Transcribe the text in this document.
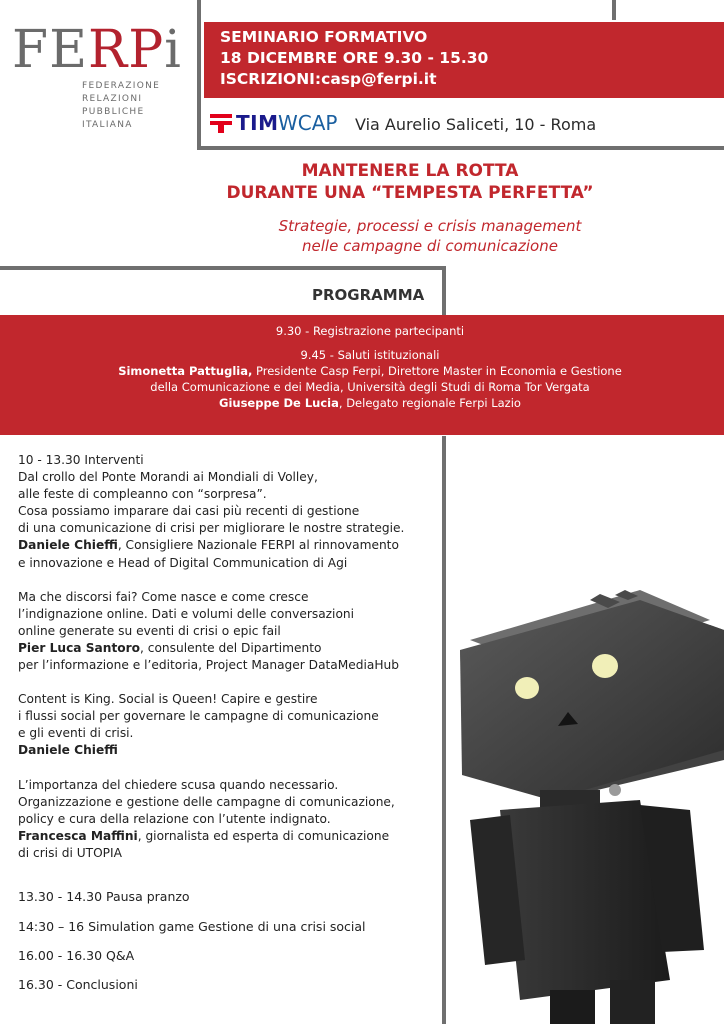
FERPi
FEDERAZIONE
RELAZIONI
PUBBLICHE
ITALIANA
SEMINARIO FORMATIVO
18 DICEMBRE ORE 9.30 - 15.30
ISCRIZIONI:casp@ferpi.it
TIM WCAP Via Aurelio Saliceti, 10 - Roma
MANTENERE LA ROTTA
DURANTE UNA “TEMPESTA PERFETTA”
Strategie, processi e crisis management
nelle campagne di comunicazione
PROGRAMMA
9.30 - Registrazione partecipanti
9.45 - Saluti istituzionali
Simonetta Pattuglia, Presidente Casp Ferpi, Direttore Master in Economia e Gestione
della Comunicazione e dei Media, Università degli Studi di Roma Tor Vergata
Giuseppe De Lucia, Delegato regionale Ferpi Lazio
10 - 13.30 Interventi
Dal crollo del Ponte Morandi ai Mondiali di Volley,
alle feste di compleanno con “sorpresa”.
Cosa possiamo imparare dai casi più recenti di gestione
di una comunicazione di crisi per migliorare le nostre strategie.
Daniele Chieffi, Consigliere Nazionale FERPI al rinnovamento
e innovazione e Head of Digital Communication di Agi
Ma che discorsi fai? Come nasce e come cresce
l’indignazione online. Dati e volumi delle conversazioni
online generate su eventi di crisi o epic fail
Pier Luca Santoro, consulente del Dipartimento
per l’informazione e l’editoria, Project Manager DataMediaHub
Content is King. Social is Queen! Capire e gestire
i flussi social per governare le campagne di comunicazione
e gli eventi di crisi.
Daniele Chieffi
L’importanza del chiedere scusa quando necessario.
Organizzazione e gestione delle campagne di comunicazione,
policy e cura della relazione con l’utente indignato.
Francesca Maffini, giornalista ed esperta di comunicazione
di crisi di UTOPIA
13.30 - 14.30 Pausa pranzo
14:30 – 16 Simulation game Gestione di una crisi social
16.00 - 16.30 Q&A
16.30 - Conclusioni
